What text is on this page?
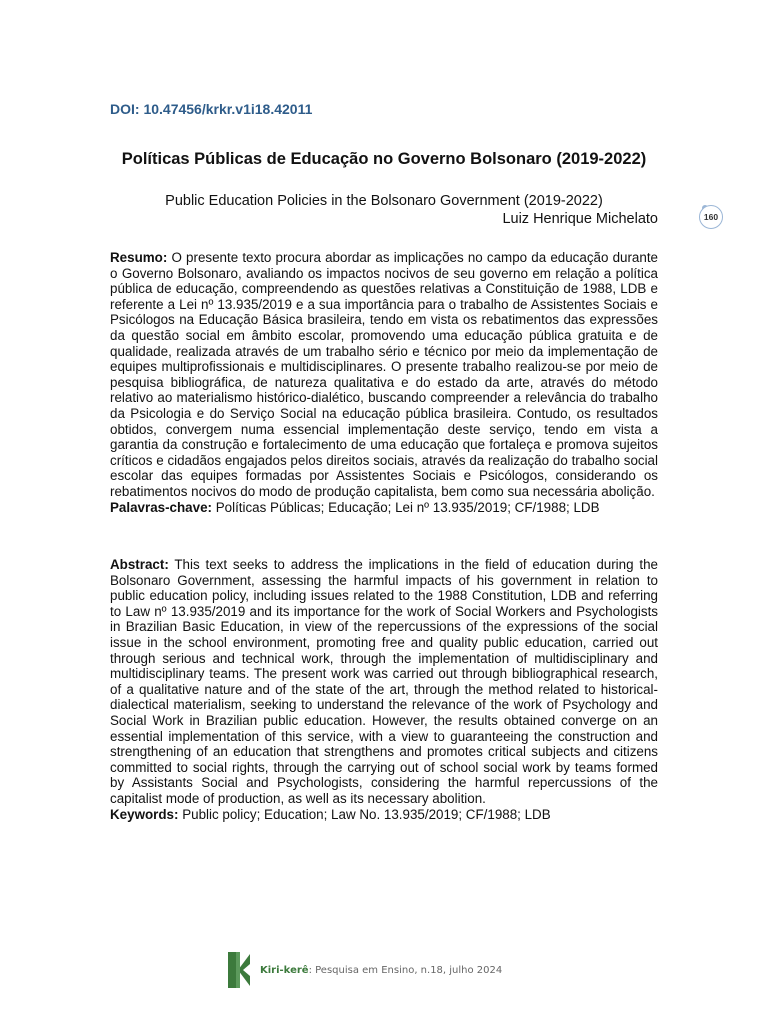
DOI: 10.47456/krkr.v1i18.42011
Políticas Públicas de Educação no Governo Bolsonaro (2019-2022)
Public Education Policies in the Bolsonaro Government (2019-2022)
Luiz Henrique Michelato	160
Resumo: O presente texto procura abordar as implicações no campo da educação durante o Governo Bolsonaro, avaliando os impactos nocivos de seu governo em relação a política pública de educação, compreendendo as questões relativas a Constituição de 1988, LDB e referente a Lei nº 13.935/2019 e a sua importância para o trabalho de Assistentes Sociais e Psicólogos na Educação Básica brasileira, tendo em vista os rebatimentos das expressões da questão social em âmbito escolar, promovendo uma educação pública gratuita e de qualidade, realizada através de um trabalho sério e técnico por meio da implementação de equipes multiprofissionais e multidisciplinares. O presente trabalho realizou-se por meio de pesquisa bibliográfica, de natureza qualitativa e do estado da arte, através do método relativo ao materialismo histórico-dialético, buscando compreender a relevância do trabalho da Psicologia e do Serviço Social na educação pública brasileira. Contudo, os resultados obtidos, convergem numa essencial implementação deste serviço, tendo em vista a garantia da construção e fortalecimento de uma educação que fortaleça e promova sujeitos críticos e cidadãos engajados pelos direitos sociais, através da realização do trabalho social escolar das equipes formadas por Assistentes Sociais e Psicólogos, considerando os rebatimentos nocivos do modo de produção capitalista, bem como sua necessária abolição.
Palavras-chave: Políticas Públicas; Educação; Lei nº 13.935/2019; CF/1988; LDB
Abstract: This text seeks to address the implications in the field of education during the Bolsonaro Government, assessing the harmful impacts of his government in relation to public education policy, including issues related to the 1988 Constitution, LDB and referring to Law nº 13.935/2019 and its importance for the work of Social Workers and Psychologists in Brazilian Basic Education, in view of the repercussions of the expressions of the social issue in the school environment, promoting free and quality public education, carried out through serious and technical work, through the implementation of multidisciplinary and multidisciplinary teams. The present work was carried out through bibliographical research, of a qualitative nature and of the state of the art, through the method related to historical-dialectical materialism, seeking to understand the relevance of the work of Psychology and Social Work in Brazilian public education. However, the results obtained converge on an essential implementation of this service, with a view to guaranteeing the construction and strengthening of an education that strengthens and promotes critical subjects and citizens committed to social rights, through the carrying out of school social work by teams formed by Assistants Social and Psychologists, considering the harmful repercussions of the capitalist mode of production, as well as its necessary abolition.
Keywords: Public policy; Education; Law No. 13.935/2019; CF/1988; LDB
Kiri-kerê: Pesquisa em Ensino, n.18, julho 2024
